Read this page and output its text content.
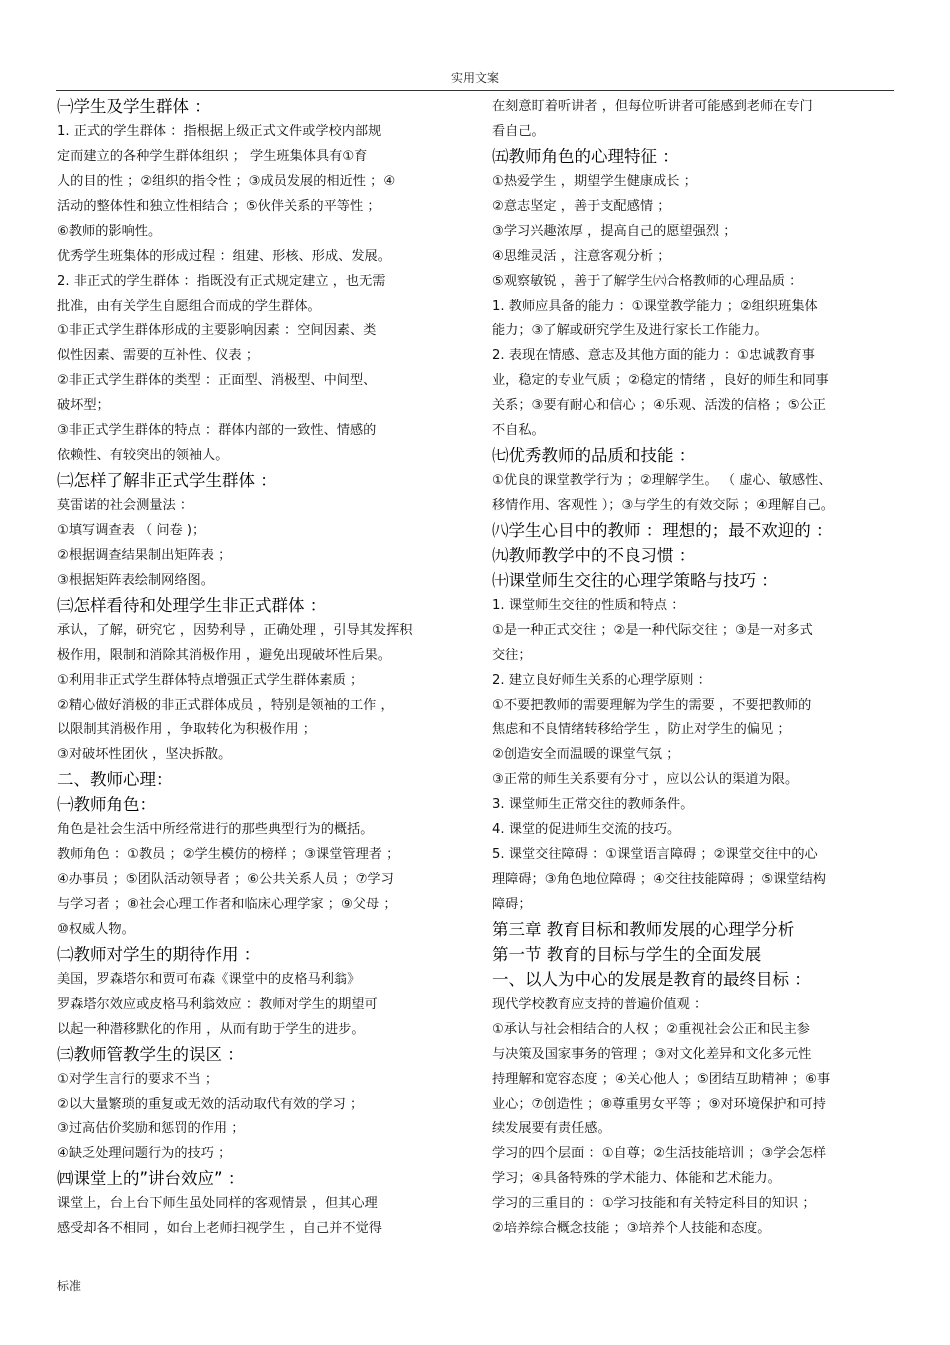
实用文案
㈠学生及学生群体 ：
1. 正式的学生群体 ：指根据上级正式文件或学校内部规
定而建立的各种学生群体组织 ； 学生班集体具有①育
人的目的性 ；②组织的指令性 ；③成员发展的相近性 ；④
活动的整体性和独立性相结合 ；⑤伙伴关系的平等性 ；
⑥教师的影响性。
优秀学生班集体的形成过程 ：组建、形核、形成、发展。
2. 非正式的学生群体 ：指既没有正式规定建立 ，也无需
批准，由有关学生自愿组合而成的学生群体。
①非正式学生群体形成的主要影响因素 ：空间因素、类
似性因素、需要的互补性、仪表 ；
②非正式学生群体的类型 ：正面型、消极型、中间型、
破坏型；
③非正式学生群体的特点 ：群体内部的一致性、情感的
依赖性、有较突出的领袖人。
㈡怎样了解非正式学生群体 ：
莫雷诺的社会测量法 ：
①填写调查表 （ 问卷 )；
②根据调查结果制出矩阵表 ；
③根据矩阵表绘制网络图。
㈢怎样看待和处理学生非正式群体 ：
承认，了解，研究它 ，因势利导 ，正确处理 ，引导其发挥积
极作用，限制和消除其消极作用 ，避免出现破坏性后果。
①利用非正式学生群体特点增强正式学生群体素质 ；
②精心做好消极的非正式群体成员 ，特别是领袖的工作 ，
以限制其消极作用 ，争取转化为积极作用 ；
③对破坏性团伙 ，坚决拆散。
二、教师心理：
㈠教师角色：
角色是社会生活中所经常进行的那些典型行为的概括。
教师角色 ：①教员 ；②学生模仿的榜样 ；③课堂管理者 ；
④办事员 ；⑤团队活动领导者 ；⑥公共关系人员 ；⑦学习
与学习者 ；⑧社会心理工作者和临床心理学家 ；⑨父母 ；
⑩权威人物。
㈡教师对学生的期待作用 ：
美国，罗森塔尔和贾可布森《课堂中的皮格马利翁》
罗森塔尔效应或皮格马利翁效应 ：教师对学生的期望可
以起一种潜移默化的作用 ，从而有助于学生的进步。
㈢教师管教学生的误区 ：
①对学生言行的要求不当 ；
②以大量繁琐的重复或无效的活动取代有效的学习 ；
③过高估价奖励和惩罚的作用 ；
④缺乏处理问题行为的技巧 ；
㈣课堂上的”讲台效应” ：
课堂上，台上台下师生虽处同样的客观情景 ，但其心理
感受却各不相同 ，如台上老师扫视学生 ，自己并不觉得
在刻意盯着听讲者 ，但每位听讲者可能感到老师在专门
看自己。
㈤教师角色的心理特征 ：
①热爱学生 ，期望学生健康成长 ；
②意志坚定 ，善于支配感情 ；
③学习兴趣浓厚 ，提高自己的愿望强烈 ；
④思维灵活 ，注意客观分析 ；
⑤观察敏锐 ，善于了解学生㈥合格教师的心理品质 ：
1. 教师应具备的能力 ：①课堂教学能力 ；②组织班集体
能力；③了解或研究学生及进行家长工作能力。
2. 表现在情感、意志及其他方面的能力 ：①忠诚教育事
业，稳定的专业气质 ；②稳定的情绪 ，良好的师生和同事
关系；③要有耐心和信心 ；④乐观、活泼的信格 ；⑤公正
不自私。
㈦优秀教师的品质和技能 ：
①优良的课堂教学行为 ；②理解学生。 （ 虚心、敏感性、
移情作用、客观性 ）；③与学生的有效交际 ；④理解自己。
㈧学生心目中的教师 ：理想的；最不欢迎的 ：
㈨教师教学中的不良习惯 ：
㈩课堂师生交往的心理学策略与技巧 ：
1. 课堂师生交往的性质和特点 ：
①是一种正式交往 ；②是一种代际交往 ；③是一对多式
交往；
2. 建立良好师生关系的心理学原则 ：
①不要把教师的需要理解为学生的需要 ，不要把教师的
焦虑和不良情绪转移给学生 ，防止对学生的偏见 ；
②创造安全而温暖的课堂气氛 ；
③正常的师生关系要有分寸 ，应以公认的渠道为限。
3. 课堂师生正常交往的教师条件。
4. 课堂的促进师生交流的技巧。
5. 课堂交往障碍 ：①课堂语言障碍 ；②课堂交往中的心
理障碍；③角色地位障碍 ；④交往技能障碍 ；⑤课堂结构
障碍；
第三章 教育目标和教师发展的心理学分析
第一节 教育的目标与学生的全面发展
一、以人为中心的发展是教育的最终目标 ：
现代学校教育应支持的普遍价值观 ：
①承认与社会相结合的人权 ；②重视社会公正和民主参
与决策及国家事务的管理 ；③对文化差异和文化多元性
持理解和宽容态度 ；④关心他人 ；⑤团结互助精神 ；⑥事
业心；⑦创造性 ；⑧尊重男女平等 ；⑨对环境保护和可持
续发展要有责任感。
学习的四个层面 ：①自尊；②生活技能培训 ；③学会怎样
学习；④具备特殊的学术能力、体能和艺术能力。
学习的三重目的 ：①学习技能和有关特定科目的知识 ；
②培养综合概念技能 ；③培养个人技能和态度。
标准
